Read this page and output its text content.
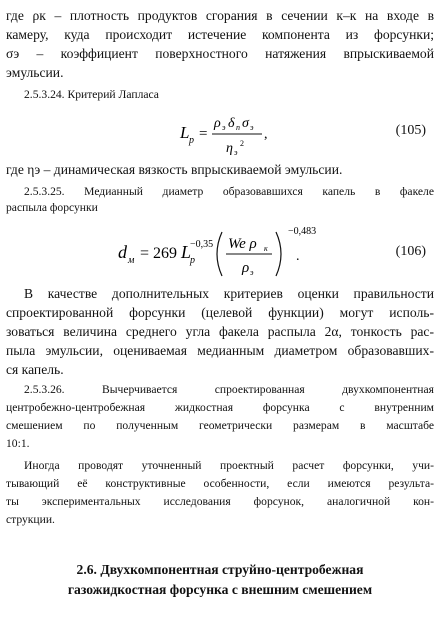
где ρк – плотность продуктов сгорания в сечении к–к на входе в
камеру, куда происходит истечение компонента из форсунки;
σэ – коэффициент поверхностного натяжения впрыскиваемой
эмульсии.
2.5.3.24. Критерий Лапласа
L p =
ρ э δ п σ э
η э
2
,	(105)
где ηэ – динамическая вязкость впрыскиваемой эмульсии.
2.5.3.25. Медианный диаметр образовавшихся капель в факеле
распыла форсунки
d м = 269 L
p
−0,35 We ρ к
ρ э
−0,483
.	(106)
В качестве дополнительных критериев оценки правильности
спроектированной форсунки (целевой функции) могут исполь-
зоваться величина среднего угла факела распыла 2α, тонкость рас-
пыла эмульсии, оцениваемая медианным диаметром образовавших-
ся капель.
2.5.3.26. Вычерчивается спроектированная двухкомпонентная
центробежно-центробежная жидкостная форсунка с внутренним
смешением по полученным геометрически размерам в масштабе
10:1.
Иногда проводят уточненный проектный расчет форсунки, учи-
тывающий её конструктивные особенности, если имеются результа-
ты экспериментальных исследования форсунок, аналогичной кон-
струкции.
2.6. Двухкомпонентная струйно-центробежная
газожидкостная форсунка с внешним смешением
